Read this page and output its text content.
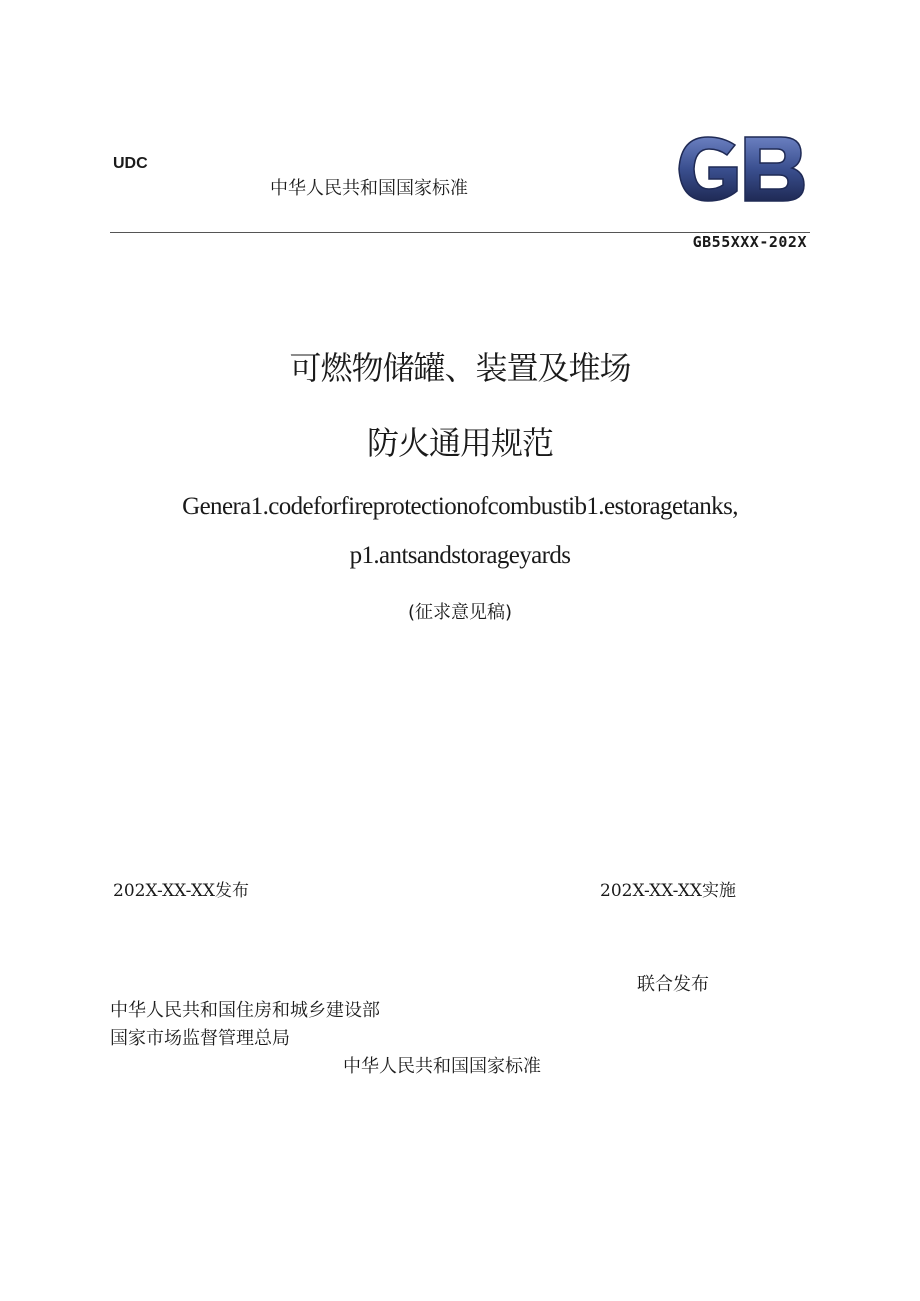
UDC
中华人民共和国国家标准
GB
GB55XXX-202X
可燃物储罐、装置及堆场
防火通用规范
Genera1.codeforfireprotectionofcombustib1.estoragetanks,
p1.antsandstorageyards
(征求意见稿)
202X-XX-XX发布	202X-XX-XX实施
联合发布
中华人民共和国住房和城乡建设部
国家市场监督管理总局
中华人民共和国国家标准
